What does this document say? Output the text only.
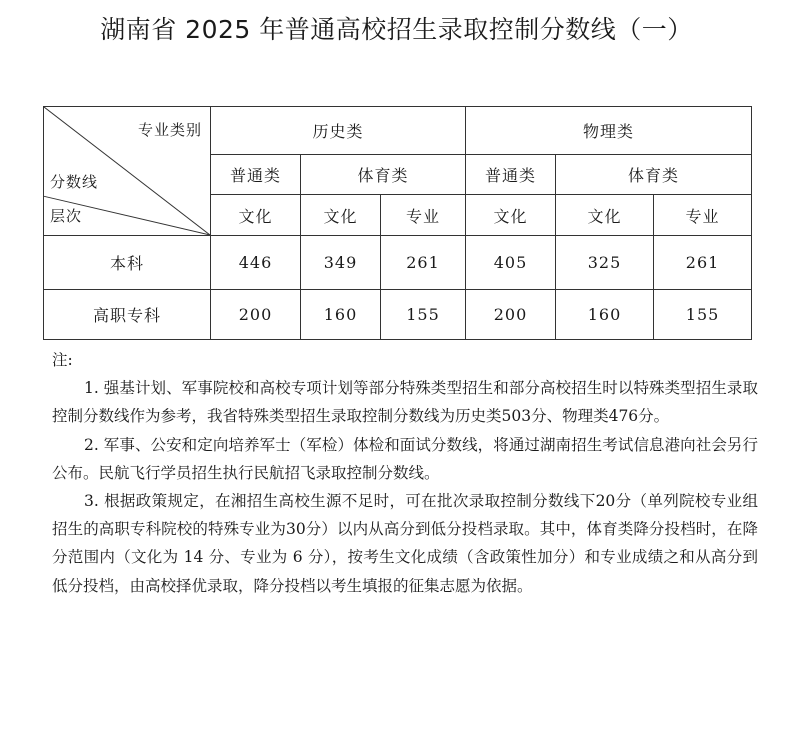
湖南省 2025 年普通高校招生录取控制分数线（一）
专业类别
分数线
层次	历史类			物理类		
	普通类	体育类		普通类	体育类	
	文化	文化	专业	文化	文化	专业
本科	446	349	261	405	325	261
高职专科	200	160	155	200	160	155

注:

1. 强基计划、军事院校和高校专项计划等部分特殊类型招生和部分高校招生时以特殊类型招生录取控制分数线作为参考，我省特殊类型招生录取控制分数线为历史类503分、物理类476分。

2. 军事、公安和定向培养军士（军检）体检和面试分数线，将通过湖南招生考试信息港向社会另行公布。民航飞行学员招生执行民航招飞录取控制分数线。

3. 根据政策规定，在湘招生高校生源不足时，可在批次录取控制分数线下20分（单列院校专业组招生的高职专科院校的特殊专业为30分）以内从高分到低分投档录取。其中，体育类降分投档时，在降分范围内（文化为 14 分、专业为 6 分），按考生文化成绩（含政策性加分）和专业成绩之和从高分到低分投档，由高校择优录取，降分投档以考生填报的征集志愿为依据。
